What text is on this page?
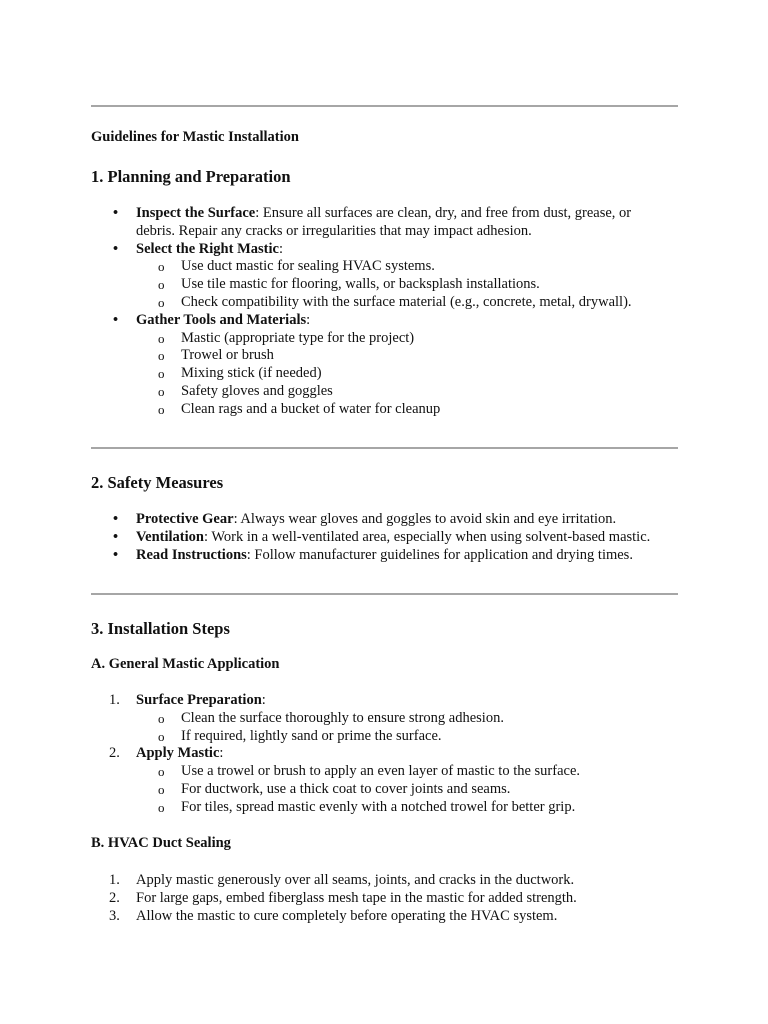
Guidelines for Mastic Installation
1. Planning and Preparation
• Inspect the Surface: Ensure all surfaces are clean, dry, and free from dust, grease, or
debris. Repair any cracks or irregularities that may impact adhesion.
• Select the Right Mastic:
o Use duct mastic for sealing HVAC systems.
o Use tile mastic for flooring, walls, or backsplash installations.
o Check compatibility with the surface material (e.g., concrete, metal, drywall).
• Gather Tools and Materials:
o Mastic (appropriate type for the project)
o Trowel or brush
o Mixing stick (if needed)
o Safety gloves and goggles
o Clean rags and a bucket of water for cleanup
2. Safety Measures
• Protective Gear: Always wear gloves and goggles to avoid skin and eye irritation.
• Ventilation: Work in a well-ventilated area, especially when using solvent-based mastic.
• Read Instructions: Follow manufacturer guidelines for application and drying times.
3. Installation Steps
A. General Mastic Application
1. Surface Preparation:
o Clean the surface thoroughly to ensure strong adhesion.
o If required, lightly sand or prime the surface.
2. Apply Mastic:
o Use a trowel or brush to apply an even layer of mastic to the surface.
o For ductwork, use a thick coat to cover joints and seams.
o For tiles, spread mastic evenly with a notched trowel for better grip.
B. HVAC Duct Sealing
1. Apply mastic generously over all seams, joints, and cracks in the ductwork.
2. For large gaps, embed fiberglass mesh tape in the mastic for added strength.
3. Allow the mastic to cure completely before operating the HVAC system.
